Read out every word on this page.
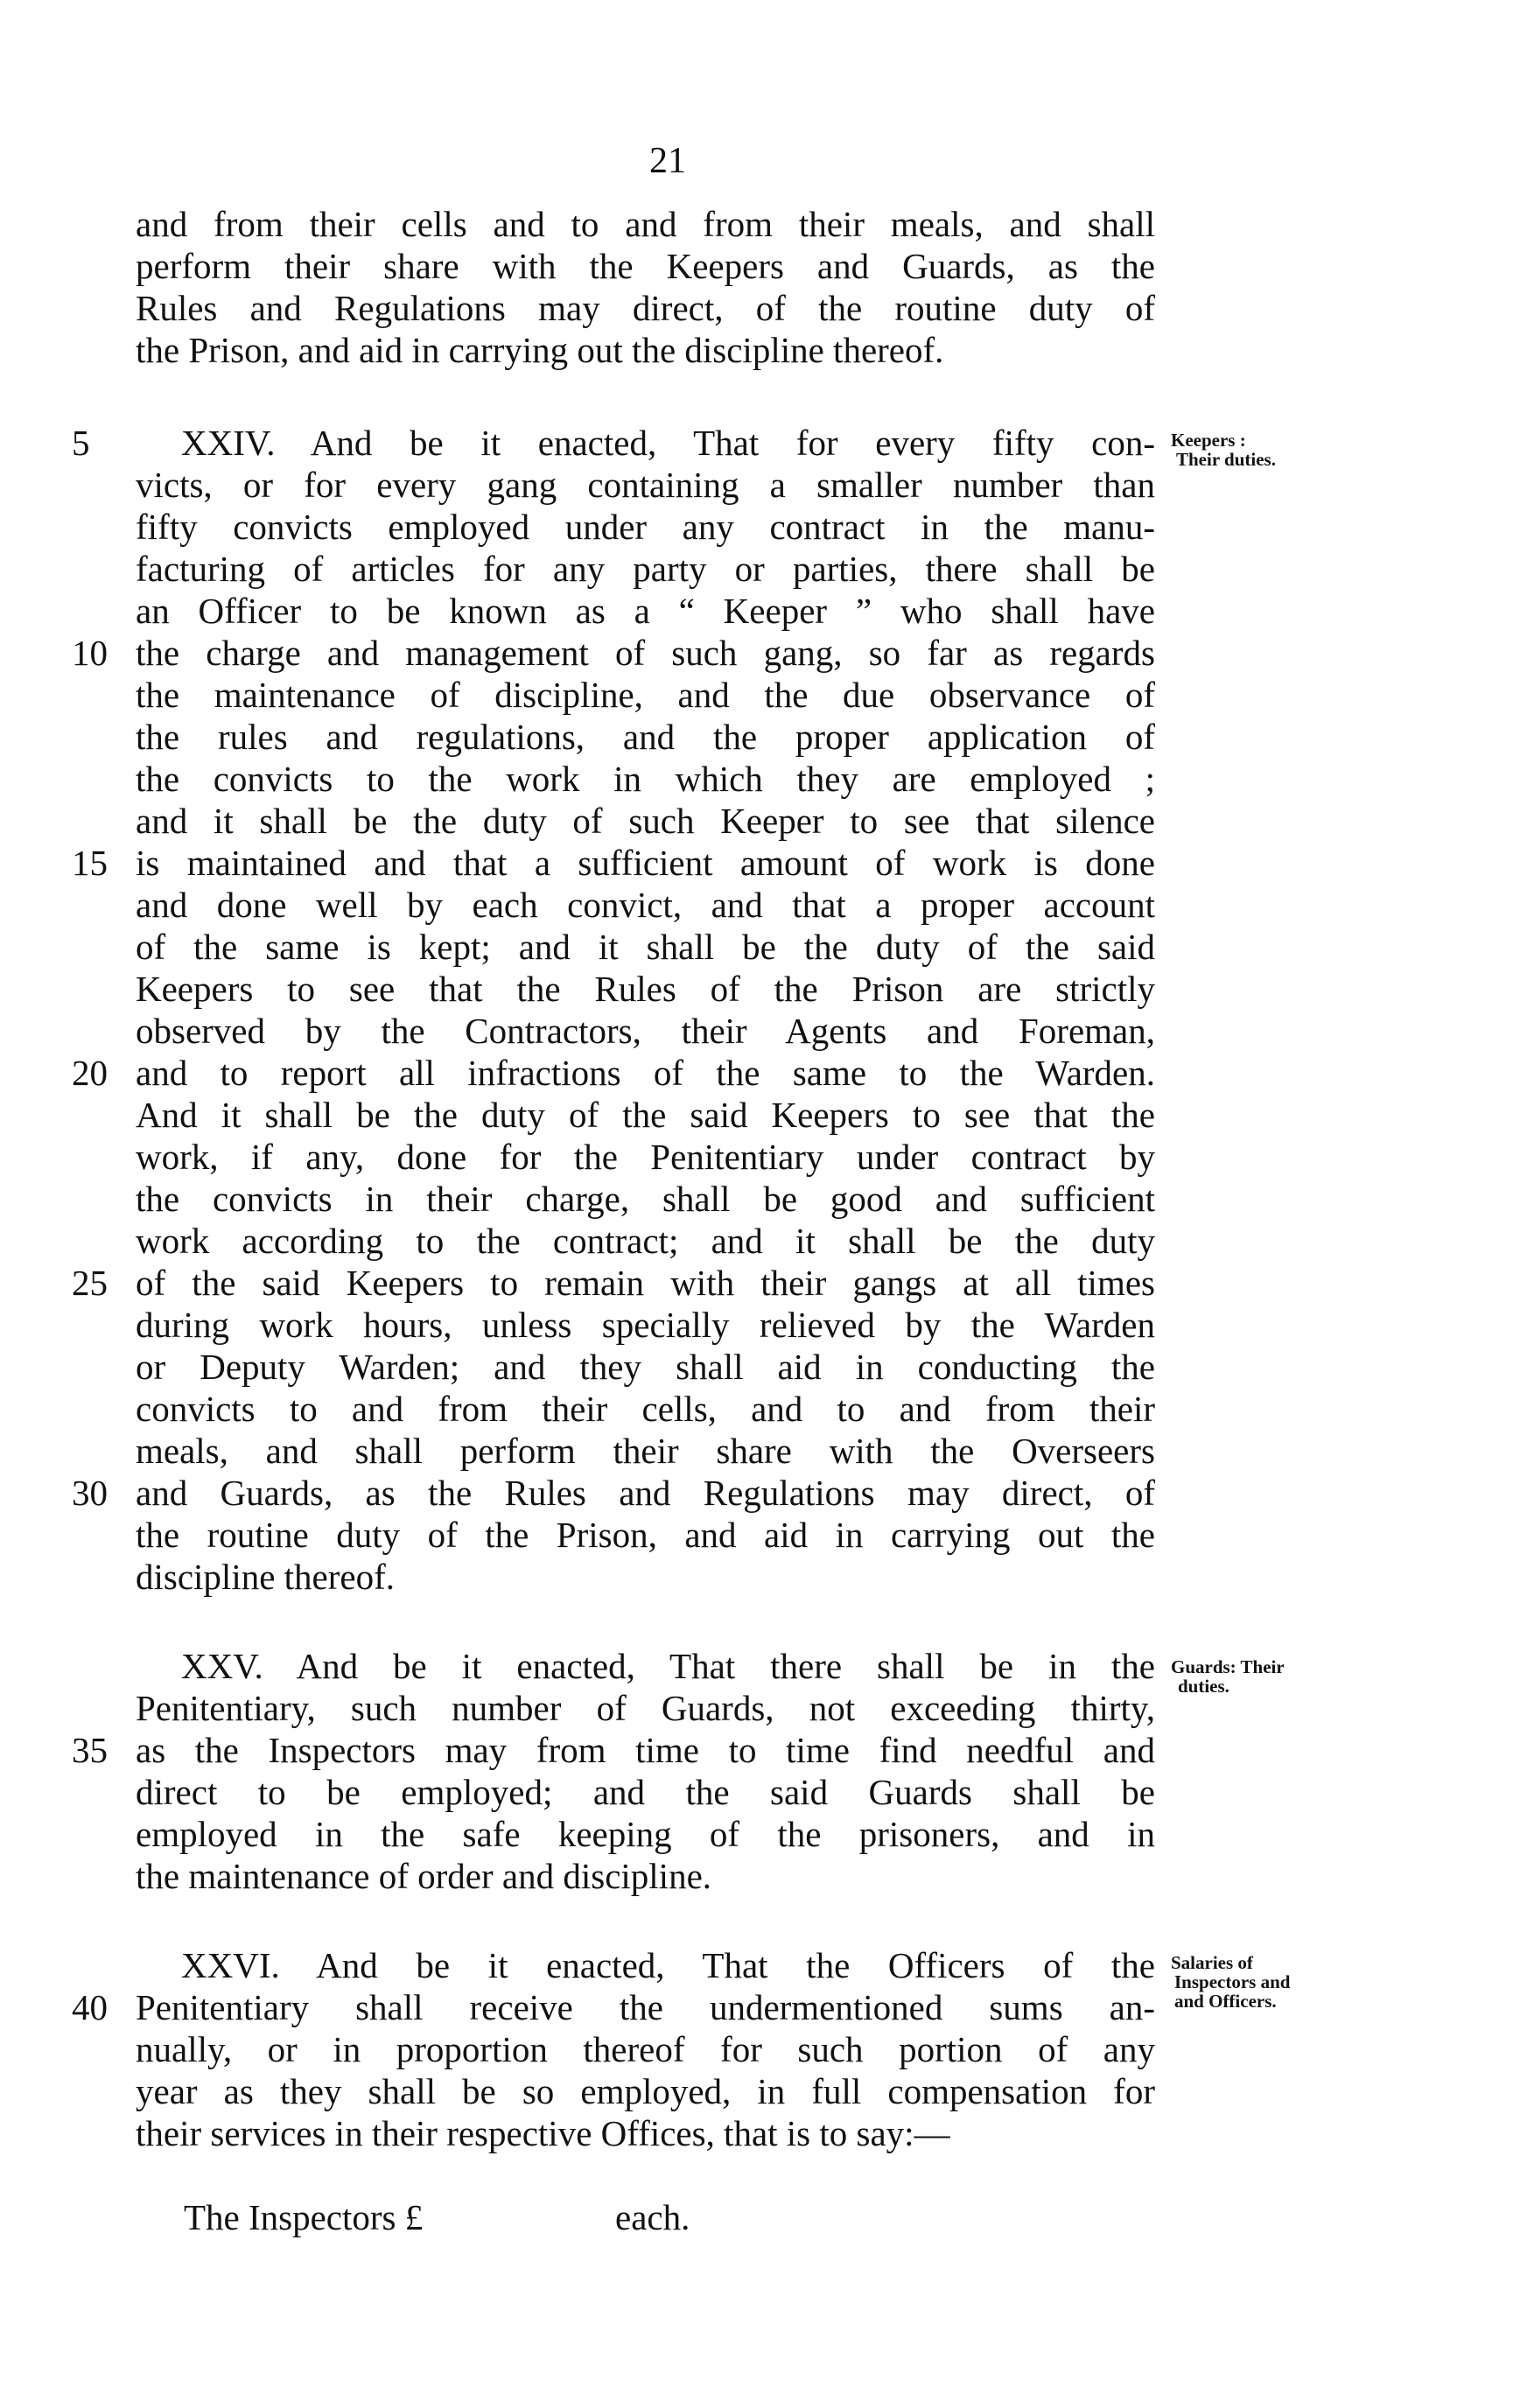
21
and from their cells and to and from their meals, and shall
perform their share with the Keepers and Guards, as the
Rules and Regulations may direct, of the routine duty of
the Prison, and aid in carrying out the discipline thereof.
XXIV. And be it enacted, That for every fifty con-
victs, or for every gang containing a smaller number than
fifty convicts employed under any contract in the manu-
facturing of articles for any party or parties, there shall be
an Officer to be known as a “ Keeper ” who shall have
the charge and management of such gang, so far as regards
the maintenance of discipline, and the due observance of
the rules and regulations, and the proper application of
the convicts to the work in which they are employed ;
and it shall be the duty of such Keeper to see that silence
is maintained and that a sufficient amount of work is done
and done well by each convict, and that a proper account
of the same is kept; and it shall be the duty of the said
Keepers to see that the Rules of the Prison are strictly
observed by the Contractors, their Agents and Foreman,
and to report all infractions of the same to the Warden.
And it shall be the duty of the said Keepers to see that the
work, if any, done for the Penitentiary under contract by
the convicts in their charge, shall be good and sufficient
work according to the contract; and it shall be the duty
of the said Keepers to remain with their gangs at all times
during work hours, unless specially relieved by the Warden
or Deputy Warden; and they shall aid in conducting the
convicts to and from their cells, and to and from their
meals, and shall perform their share with the Overseers
and Guards, as the Rules and Regulations may direct, of
the routine duty of the Prison, and aid in carrying out the
discipline thereof.
XXV. And be it enacted, That there shall be in the
Penitentiary, such number of Guards, not exceeding thirty,
as the Inspectors may from time to time find needful and
direct to be employed; and the said Guards shall be
employed in the safe keeping of the prisoners, and in
the maintenance of order and discipline.
XXVI. And be it enacted, That the Officers of the
Penitentiary shall receive the undermentioned sums an-
nually, or in proportion thereof for such portion of any
year as they shall be so employed, in full compensation for
their services in their respective Offices, that is to say:—
The Inspectors £	each.
5
10
15
20
25
30
35
40
Keepers :
Their duties.
Guards: Their
duties.
Salaries of
Inspectors and
and Officers.
